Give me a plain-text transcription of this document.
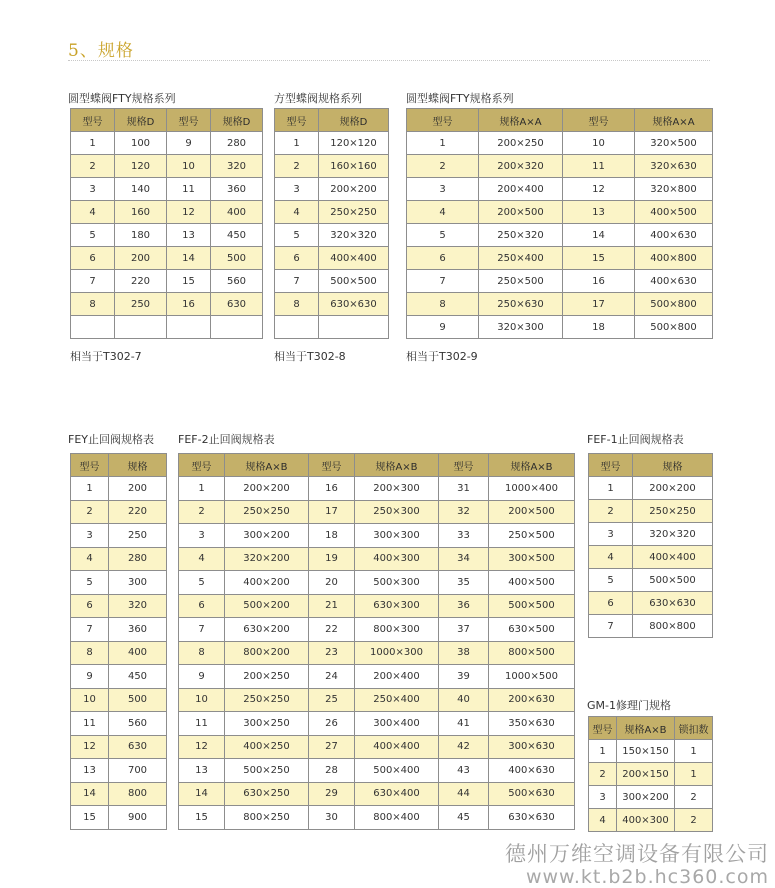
5、规格
圆型蝶阀FTY规格系列
型号	规格D	型号	规格D
1	100	9	280
2	120	10	320
3	140	11	360
4	160	12	400
5	180	13	450
6	200	14	500
7	220	15	560
8	250	16	630

相当于T302-7
方型蝶阀规格系列
型号	规格D
1	120×120
2	160×160
3	200×200
4	250×250
5	320×320
6	400×400
7	500×500
8	630×630

相当于T302-8
圆型蝶阀FTY规格系列
型号	规格A×A	型号	规格A×A
1	200×250	10	320×500
2	200×320	11	320×630
3	200×400	12	320×800
4	200×500	13	400×500
5	250×320	14	400×630
6	250×400	15	400×800
7	250×500	16	400×630
8	250×630	17	500×800
9	320×300	18	500×800
相当于T302-9
FEY止回阀规格表
型号	规格
1	200
2	220
3	250
4	280
5	300
6	320
7	360
8	400
9	450
10	500
11	560
12	630
13	700
14	800
15	900
FEF-2止回阀规格表
型号	规格A×B	型号	规格A×B	型号	规格A×B
1	200×200	16	200×300	31	1000×400
2	250×250	17	250×300	32	200×500
3	300×200	18	300×300	33	250×500
4	320×200	19	400×300	34	300×500
5	400×200	20	500×300	35	400×500
6	500×200	21	630×300	36	500×500
7	630×200	22	800×300	37	630×500
8	800×200	23	1000×300	38	800×500
9	200×250	24	200×400	39	1000×500
10	250×250	25	250×400	40	200×630
11	300×250	26	300×400	41	350×630
12	400×250	27	400×400	42	300×630
13	500×250	28	500×400	43	400×630
14	630×250	29	630×400	44	500×630
15	800×250	30	800×400	45	630×630
FEF-1止回阀规格表
型号	规格
1	200×200
2	250×250
3	320×320
4	400×400
5	500×500
6	630×630
7	800×800
GM-1修理门规格
型号	规格A×B	锁扣数
1	150×150	1
2	200×150	1
3	300×200	2
4	400×300	2
德州万维空调设备有限公司
www.kt.b2b.hc360.com
